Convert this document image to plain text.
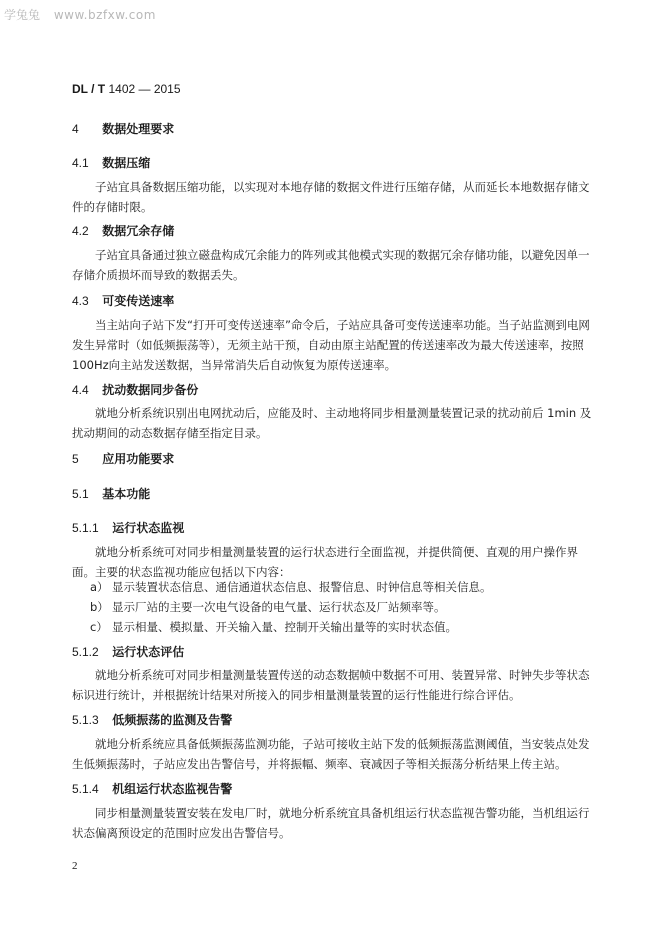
学兔兔 www.bzfxw.com
DL / T 1402 — 2015
4 数据处理要求
4.1 数据压缩
子站宜具备数据压缩功能，以实现对本地存储的数据文件进行压缩存储，从而延长本地数据存储文件的存储时限。
4.2 数据冗余存储
子站宜具备通过独立磁盘构成冗余能力的阵列或其他模式实现的数据冗余存储功能，以避免因单一存储介质损坏而导致的数据丢失。
4.3 可变传送速率
当主站向子站下发“打开可变传送速率”命令后，子站应具备可变传送速率功能。当子站监测到电网发生异常时（如低频振荡等），无须主站干预，自动由原主站配置的传送速率改为最大传送速率，按照100Hz向主站发送数据，当异常消失后自动恢复为原传送速率。
4.4 扰动数据同步备份
就地分析系统识别出电网扰动后，应能及时、主动地将同步相量测量装置记录的扰动前后 1min 及扰动期间的动态数据存储至指定目录。
5 应用功能要求
5.1 基本功能
5.1.1 运行状态监视
就地分析系统可对同步相量测量装置的运行状态进行全面监视，并提供简便、直观的用户操作界面。主要的状态监视功能应包括以下内容：
a） 显示装置状态信息、通信通道状态信息、报警信息、时钟信息等相关信息。
b） 显示厂站的主要一次电气设备的电气量、运行状态及厂站频率等。
c） 显示相量、模拟量、开关输入量、控制开关输出量等的实时状态值。
5.1.2 运行状态评估
就地分析系统可对同步相量测量装置传送的动态数据帧中数据不可用、装置异常、时钟失步等状态标识进行统计，并根据统计结果对所接入的同步相量测量装置的运行性能进行综合评估。
5.1.3 低频振荡的监测及告警
就地分析系统应具备低频振荡监测功能，子站可接收主站下发的低频振荡监测阈值，当安装点处发生低频振荡时，子站应发出告警信号，并将振幅、频率、衰减因子等相关振荡分析结果上传主站。
5.1.4 机组运行状态监视告警
同步相量测量装置安装在发电厂时，就地分析系统宜具备机组运行状态监视告警功能，当机组运行状态偏离预设定的范围时应发出告警信号。
2
